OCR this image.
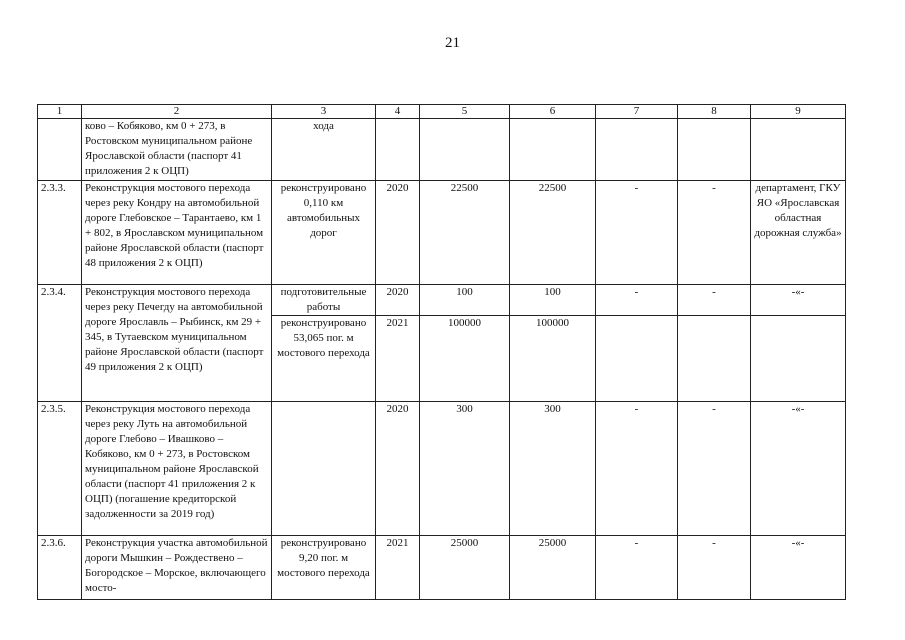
21
1	2	3	4	5	6	7	8	9
	ково – Кобяково, км 0 + 273, в Ростовском муниципальном районе Ярославской области (паспорт 41 приложения 2 к ОЦП)	хода						
2.3.3.	Реконструкция мостового перехода через реку Кондру на автомобильной дороге Глебовское – Тарантаево, км 1 + 802, в Ярославском муниципальном районе Ярославской области (паспорт 48 приложения 2 к ОЦП)	реконструировано 0,110 км автомобильных дорог	2020	22500	22500	-	-	департамент, ГКУ ЯО «Ярославская областная дорожная служба»
2.3.4.	Реконструкция мостового перехода через реку Печегду на автомобильной дороге Ярославль – Рыбинск, км 29 + 345, в Тутаевском муниципальном районе Ярославской области (паспорт 49 приложения 2 к ОЦП)	подготовительные работы	2020	100	100	-	-	-«-
		реконструировано 53,065 пог. м мостового перехода	2021	100000	100000			
2.3.5.	Реконструкция мостового перехода через реку Луть на автомобильной дороге Глебово – Ивашково – Кобяково, км 0 + 273, в Ростовском муниципальном районе Ярославской области (паспорт 41 приложения 2 к ОЦП) (погашение кредиторской задолженности за 2019 год)		2020	300	300	-	-	-«-
2.3.6.	Реконструкция участка автомобильной дороги Мышкин – Рождествено – Богородское – Морское, включающего мосто-	реконструировано 9,20 пог. м мостового перехода	2021	25000	25000	-	-	-«-
